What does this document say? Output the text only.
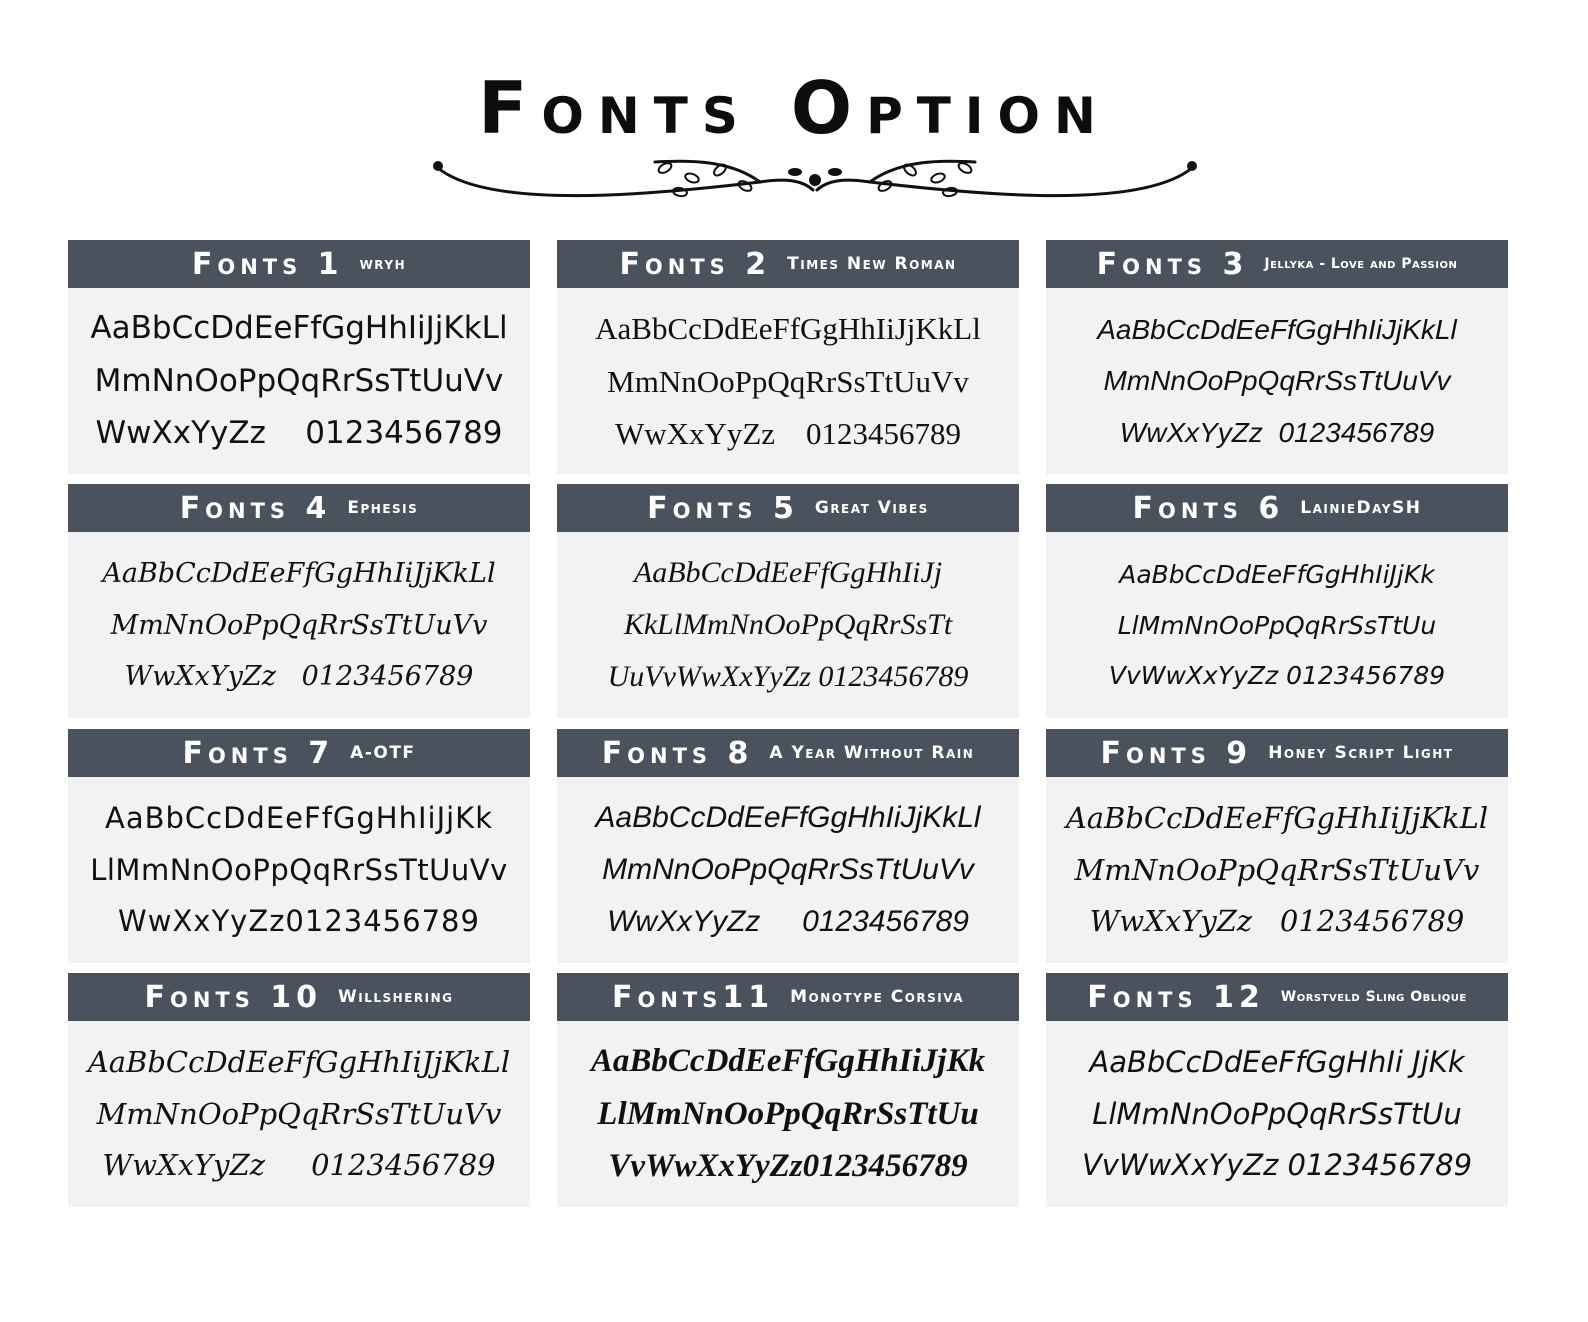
Fonts Option
Fonts 1 wryh
AaBbCcDdEeFfGgHhIiJjKkLl
MmNnOoPpQqRrSsTtUuVv
WwXxYyZz    0123456789
Fonts 2 Times New Roman
AaBbCcDdEeFfGgHhIiJjKkLl
MmNnOoPpQqRrSsTtUuVv
WwXxYyZz    0123456789
Fonts 3 Jellyka - Love and Passion
AaBbCcDdEeFfGgHhIiJjKkLl
MmNnOoPpQqRrSsTtUuVv
WwXxYyZz  0123456789
Fonts 4 Ephesis
AaBbCcDdEeFfGgHhIiJjKkLl
MmNnOoPpQqRrSsTtUuVv
WwXxYyZz   0123456789
Fonts 5 Great Vibes
AaBbCcDdEeFfGgHhIiJj
KkLlMmNnOoPpQqRrSsTt
UuVvWwXxYyZz 0123456789
Fonts 6 LainieDaySH
AaBbCcDdEeFfGgHhIiJjKk
LlMmNnOoPpQqRrSsTtUu
VvWwXxYyZz 0123456789
Fonts 7 A-OTF
AaBbCcDdEeFfGgHhIiJjKk
LlMmNnOoPpQqRrSsTtUuVv
WwXxYyZz0123456789
Fonts 8 A Year Without Rain
AaBbCcDdEeFfGgHhIiJjKkLl
MmNnOoPpQqRrSsTtUuVv
WwXxYyZz     0123456789
Fonts 9 Honey Script Light
AaBbCcDdEeFfGgHhIiJjKkLl
MmNnOoPpQqRrSsTtUuVv
WwXxYyZz   0123456789
Fonts 10 Willshering
AaBbCcDdEeFfGgHhIiJjKkLl
MmNnOoPpQqRrSsTtUuVv
WwXxYyZz     0123456789
Fonts11 Monotype Corsiva
AaBbCcDdEeFfGgHhIiJjKk
LlMmNnOoPpQqRrSsTtUu
VvWwXxYyZz0123456789
Fonts 12 Worstveld Sling Oblique
AaBbCcDdEeFfGgHhIi JjKk
LlMmNnOoPpQqRrSsTtUu
VvWwXxYyZz 0123456789
